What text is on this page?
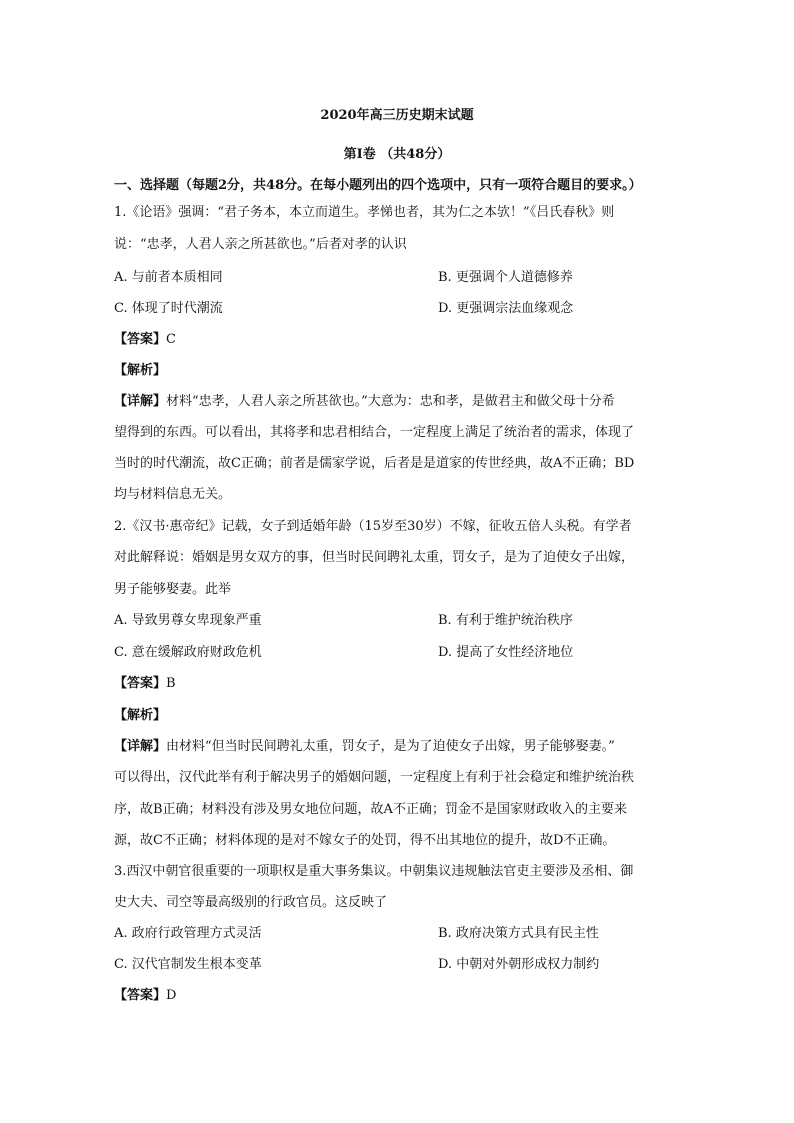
2020年高三历史期末试题
第Ⅰ卷 （共48分）
一、选择题（每题2分，共48分。在每小题列出的四个选项中，只有一项符合题目的要求。）
1.《论语》强调：“君子务本，本立而道生。孝悌也者，其为仁之本欤！”《吕氏春秋》则
说：“忠孝，人君人亲之所甚欲也。”后者对孝的认识
A. 与前者本质相同	B. 更强调个人道德修养
C. 体现了时代潮流	D. 更强调宗法血缘观念
【答案】C
【解析】
【详解】材料“忠孝，人君人亲之所甚欲也。”大意为：忠和孝，是做君主和做父母十分希
望得到的东西。可以看出，其将孝和忠君相结合，一定程度上满足了统治者的需求，体现了
当时的时代潮流，故C正确；前者是儒家学说，后者是是道家的传世经典，故A不正确；BD
均与材料信息无关。
2.《汉书·惠帝纪》记载，女子到适婚年龄（15岁至30岁）不嫁，征收五倍人头税。有学者
对此解释说：婚姻是男女双方的事，但当时民间聘礼太重，罚女子，是为了迫使女子出嫁，
男子能够娶妻。此举
A. 导致男尊女卑现象严重	B. 有利于维护统治秩序
C. 意在缓解政府财政危机	D. 提高了女性经济地位
【答案】B
【解析】
【详解】由材料“但当时民间聘礼太重，罚女子，是为了迫使女子出嫁，男子能够娶妻。”
可以得出，汉代此举有利于解决男子的婚姻问题，一定程度上有利于社会稳定和维护统治秩
序，故B正确；材料没有涉及男女地位问题，故A不正确；罚金不是国家财政收入的主要来
源，故C不正确；材料体现的是对不嫁女子的处罚，得不出其地位的提升，故D不正确。
3.西汉中朝官很重要的一项职权是重大事务集议。中朝集议违规触法官吏主要涉及丞相、御
史大夫、司空等最高级别的行政官员。这反映了
A. 政府行政管理方式灵活	B. 政府决策方式具有民主性
C. 汉代官制发生根本变革	D. 中朝对外朝形成权力制约
【答案】D
